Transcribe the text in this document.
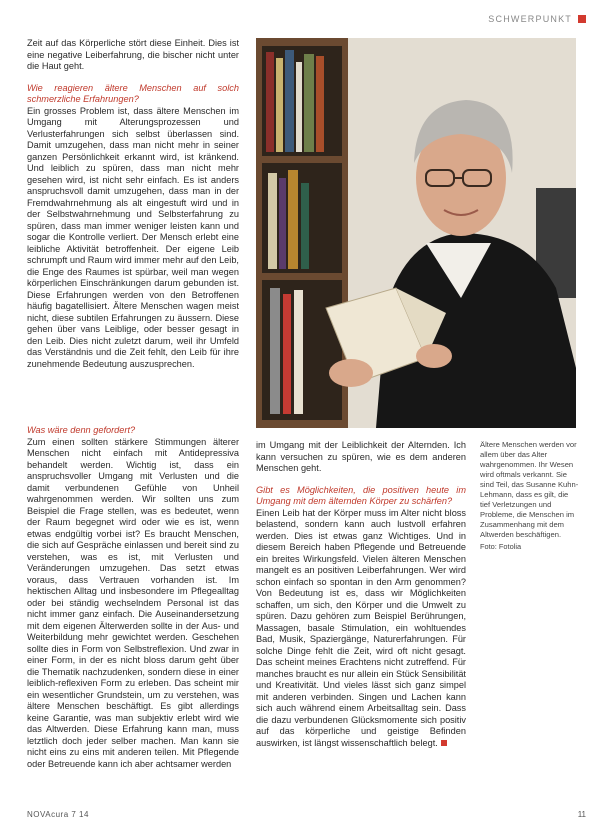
SCHWERPUNKT

Zeit auf das Körperliche stört diese Einheit. Dies ist eine negative Leiberfahrung, die bischer nicht unter die Haut geht.

Wie reagieren ältere Menschen auf solch schmerzliche Erfahrungen?

Ein grosses Problem ist, dass ältere Menschen im Umgang mit Alterungsprozessen und Verlusterfahrungen sich selbst überlassen sind. Damit umzugehen, dass man nicht mehr in seiner ganzen Persönlichkeit erkannt wird, ist kränkend. Und leiblich zu spüren, dass man nicht mehr gesehen wird, ist nicht sehr einfach. Es ist anders anspruchsvoll damit umzugehen, dass man in der Fremdwahrnehmung als alt eingestuft wird und in der Selbstwahrnehmung und Selbsterfahrung zu spüren, dass man immer weniger leisten kann und sogar die Kontrolle verliert. Der Mensch erlebt eine leibliche Aktivität betroffenheit. Der eigene Leib schrumpft und Raum wird immer mehr auf den Leib, die Enge des Raumes ist spürbar, weil man wegen körperlichen Einschränkungen darum gebunden ist. Diese Erfahrungen werden von den Betroffenen häufig bagatellisiert. Ältere Menschen wagen meist nicht, diese subtilen Erfahrungen zu äussern. Diese gehen über vans Leiblige, oder besser gesagt in den Leib. Dies nicht zuletzt darum, weil ihr Umfeld das Verständnis und die Zeit fehlt, den Leib für ihre zunehmende Bedeutung auszusprechen.

Was wäre denn gefordert?

Zum einen sollten stärkere Stimmungen älterer Menschen nicht einfach mit Antidepressiva behandelt werden. Wichtig ist, dass ein anspruchsvoller Umgang mit Verlusten und die damit verbundenen Gefühle von Unheil wahrgenommen werden. Wir sollten uns zum Beispiel die Frage stellen, was es bedeutet, wenn der Raum begegnet wird oder wie es ist, wenn etwas endgültig vorbei ist? Es braucht Menschen, die sich auf Gespräche einlassen und bereit sind zu verstehen, was es ist, mit Verlusten und Veränderungen umzugehen. Das setzt etwas voraus, dass Vertrauen vorhanden ist. Im hektischen Alltag und insbesondere im Pflegealltag oder bei ständig wechselndem Personal ist das nicht immer ganz einfach. Die Auseinandersetzung mit dem eigenen Älterwerden sollte in der Aus- und Weiterbildung mehr gewichtet werden. Geschehen sollte dies in Form von Selbstreflexion. Und zwar in einer Form, in der es nicht bloss darum geht über die Thematik nachzudenken, sondern diese in einer leiblich-reflexiven Form zu erleben. Das scheint mir ein wesentlicher Grundstein, um zu verstehen, was ältere Menschen beschäftigt. Es gibt allerdings keine Garantie, was man subjektiv erlebt wird wie das Altwerden. Diese Erfahrung kann man, muss letztlich doch jeder selber machen. Man kann sie nicht eins zu eins mit anderen teilen. Mit Pflegende oder Betreuende kann ich aber achtsamer werden

im Umgang mit der Leiblichkeit der Alternden. Ich kann versuchen zu spüren, wie es dem anderen Menschen geht.

Gibt es Möglichkeiten, die positiven heute im Umgang mit dem älternden Körper zu schärfen?

Einen Leib hat der Körper muss im Alter nicht bloss belastend, sondern kann auch lustvoll erfahren werden. Dies ist etwas ganz Wichtiges. Und in diesem Bereich haben Pflegende und Betreuende ein breites Wirkungsfeld. Vielen älteren Menschen mangelt es an positiven Leiberfahrungen. Wer wird schon einfach so spontan in den Arm genommen? Von Bedeutung ist es, dass wir Möglichkeiten schaffen, um sich, den Körper und die Umwelt zu spüren. Dazu gehören zum Beispiel Berührungen, Massagen, basale Stimulation, ein wohltuendes Bad, Musik, Spaziergänge, Naturerfahrungen. Für solche Dinge fehlt die Zeit, wird oft nicht gesagt. Das scheint meines Erachtens nicht zutreffend. Für manches braucht es nur allein ein Stück Sensibilität und Kreativität. Und vieles lässt sich ganz simpel mit anderen verbinden. Singen und Lachen kann sich auch während einem Arbeitsalltag sein. Dass die dazu verbundenen Glücksmomente sich positiv auf das körperliche und geistige Befinden auswirken, ist längst wissenschaftlich belegt.

Ältere Menschen werden vor allem über das Alter wahrgenommen. Ihr Wesen wird oftmals verkannt. Sie sind Teil, das Susanne Kuhn-Lehmann, dass es gilt, die tief Verletzungen und Probleme, die Menschen im Zusammenhang mit dem Altwerden beschäftigen.
Foto: Fotolia
NOVAcura 7 14	11
